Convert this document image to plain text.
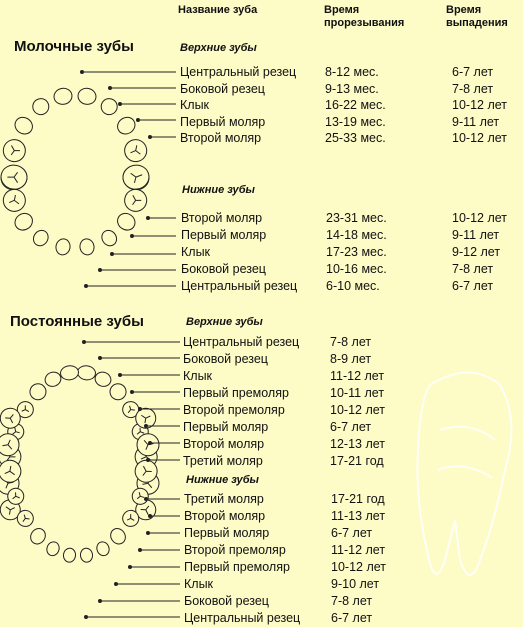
Название зуба	Время
прорезывания
Время
выпадения
Молочные зубы	Верхние зубы
Центральный резец 8-12 мес.	6-7 лет
Боковой резец	9-13 мес.	7-8 лет
Клык	16-22 мес.	10-12 лет
Первый моляр	13-19 мес.	9-11 лет
Второй моляр	25-33 мес.	10-12 лет
Нижние зубы
Второй моляр	23-31 мес.	10-12 лет
Первый моляр	14-18 мес.	9-11 лет
Клык	17-23 мес.	9-12 лет
Боковой резец	10-16 мес.	7-8 лет
Центральный резец 6-10 мес.	6-7 лет
Постоянные зубы	Верхние зубы
Центральный резец 7-8 лет
Боковой резец	8-9 лет
Клык	11-12 лет
Первый премоляр	10-11 лет
Второй премоляр	10-12 лет
Первый моляр	6-7 лет
Второй моляр	12-13 лет
Третий моляр	17-21 год
Нижние зубы
Третий моляр	17-21 год
Второй моляр	11-13 лет
Первый моляр	6-7 лет
Второй премоляр	11-12 лет
Первый премоляр	10-12 лет
Клык	9-10 лет
Боковой резец	7-8 лет
Центральный резец 6-7 лет
